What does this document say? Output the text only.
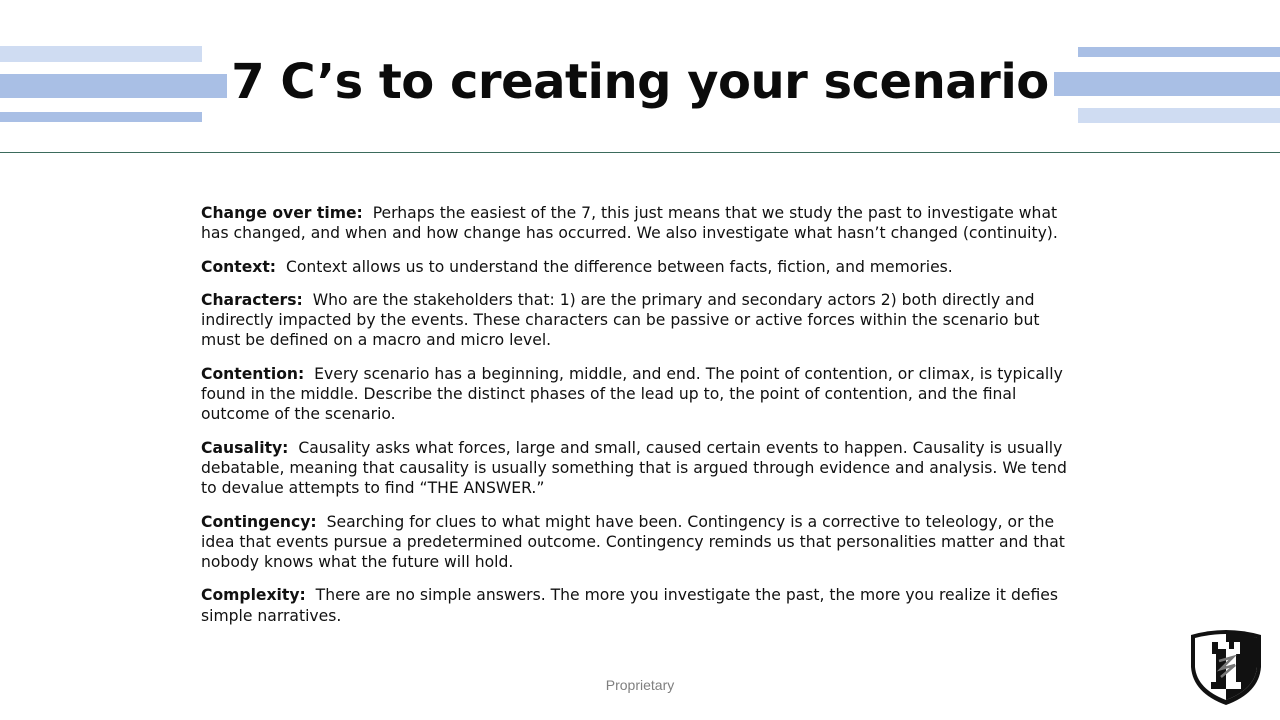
7 C’s to creating your scenario

Change over time: Perhaps the easiest of the 7, this just means that we study the past to investigate what has changed, and when and how change has occurred. We also investigate what hasn’t changed (continuity).

Context: Context allows us to understand the difference between facts, fiction, and memories.

Characters: Who are the stakeholders that: 1) are the primary and secondary actors 2) both directly and indirectly impacted by the events. These characters can be passive or active forces within the scenario but must be defined on a macro and micro level.

Contention: Every scenario has a beginning, middle, and end. The point of contention, or climax, is typically found in the middle. Describe the distinct phases of the lead up to, the point of contention, and the final outcome of the scenario.

Causality: Causality asks what forces, large and small, caused certain events to happen. Causality is usually debatable, meaning that causality is usually something that is argued through evidence and analysis. We tend to devalue attempts to find “THE ANSWER.”

Contingency: Searching for clues to what might have been. Contingency is a corrective to teleology, or the idea that events pursue a predetermined outcome. Contingency reminds us that personalities matter and that nobody knows what the future will hold.

Complexity: There are no simple answers. The more you investigate the past, the more you realize it defies simple narratives.

Proprietary
